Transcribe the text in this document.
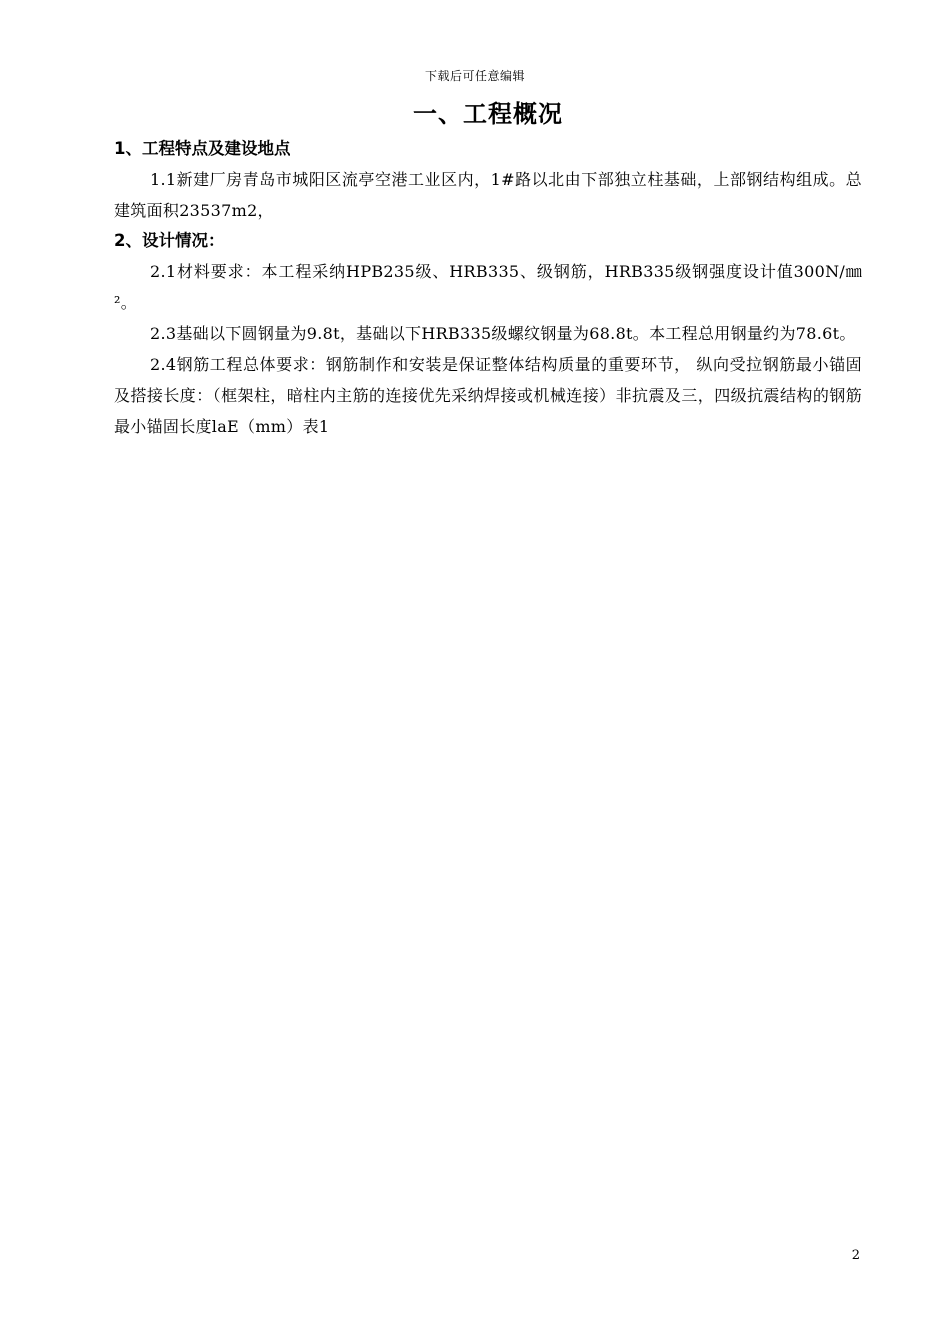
下载后可任意编辑
一、工程概况
1、工程特点及建设地点

1.1新建厂房青岛市城阳区流亭空港工业区内，1#路以北由下部独立柱基础，上部钢结构组成。总建筑面积23537m2，

2、设计情况：

2.1材料要求：本工程采纳HPB235级、HRB335、级钢筋，HRB335级钢强度设计值300N/㎜²。

2.3基础以下圆钢量为9.8t，基础以下HRB335级螺纹钢量为68.8t。本工程总用钢量约为78.6t。

2.4钢筋工程总体要求：钢筋制作和安装是保证整体结构质量的重要环节， 纵向受拉钢筋最小锚固及搭接长度：（框架柱，暗柱内主筋的连接优先采纳焊接或机械连接）非抗震及三，四级抗震结构的钢筋最小锚固长度laE（mm）表1

2
